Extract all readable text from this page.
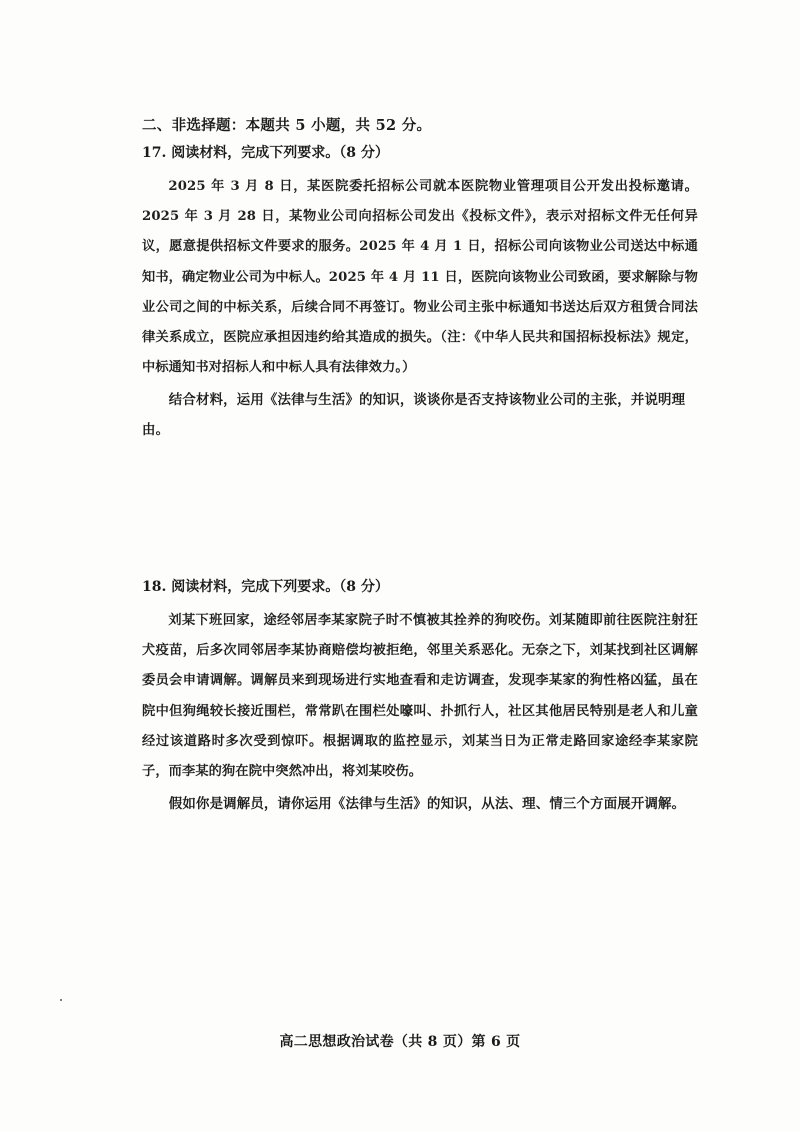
二、非选择题：本题共 5 小题，共 52 分。
17. 阅读材料，完成下列要求。（8 分）

2025 年 3 月 8 日，某医院委托招标公司就本医院物业管理项目公开发出投标邀请。2025 年 3 月 28 日，某物业公司向招标公司发出《投标文件》，表示对招标文件无任何异议，愿意提供招标文件要求的服务。2025 年 4 月 1 日，招标公司向该物业公司送达中标通知书，确定物业公司为中标人。2025 年 4 月 11 日，医院向该物业公司致函，要求解除与物业公司之间的中标关系，后续合同不再签订。物业公司主张中标通知书送达后双方租赁合同法律关系成立，医院应承担因违约给其造成的损失。（注：《中华人民共和国招标投标法》规定，中标通知书对招标人和中标人具有法律效力。）

结合材料，运用《法律与生活》的知识，谈谈你是否支持该物业公司的主张，并说明理由。

18. 阅读材料，完成下列要求。（8 分）

刘某下班回家，途经邻居李某家院子时不慎被其拴养的狗咬伤。刘某随即前往医院注射狂犬疫苗，后多次同邻居李某协商赔偿均被拒绝，邻里关系恶化。无奈之下，刘某找到社区调解委员会申请调解。调解员来到现场进行实地查看和走访调查，发现李某家的狗性格凶猛，虽在院中但狗绳较长接近围栏，常常趴在围栏处嚎叫、扑抓行人，社区其他居民特别是老人和儿童经过该道路时多次受到惊吓。根据调取的监控显示，刘某当日为正常走路回家途经李某家院子，而李某的狗在院中突然冲出，将刘某咬伤。

假如你是调解员，请你运用《法律与生活》的知识，从法、理、情三个方面展开调解。

高二思想政治试卷（共 8 页）第 6 页
